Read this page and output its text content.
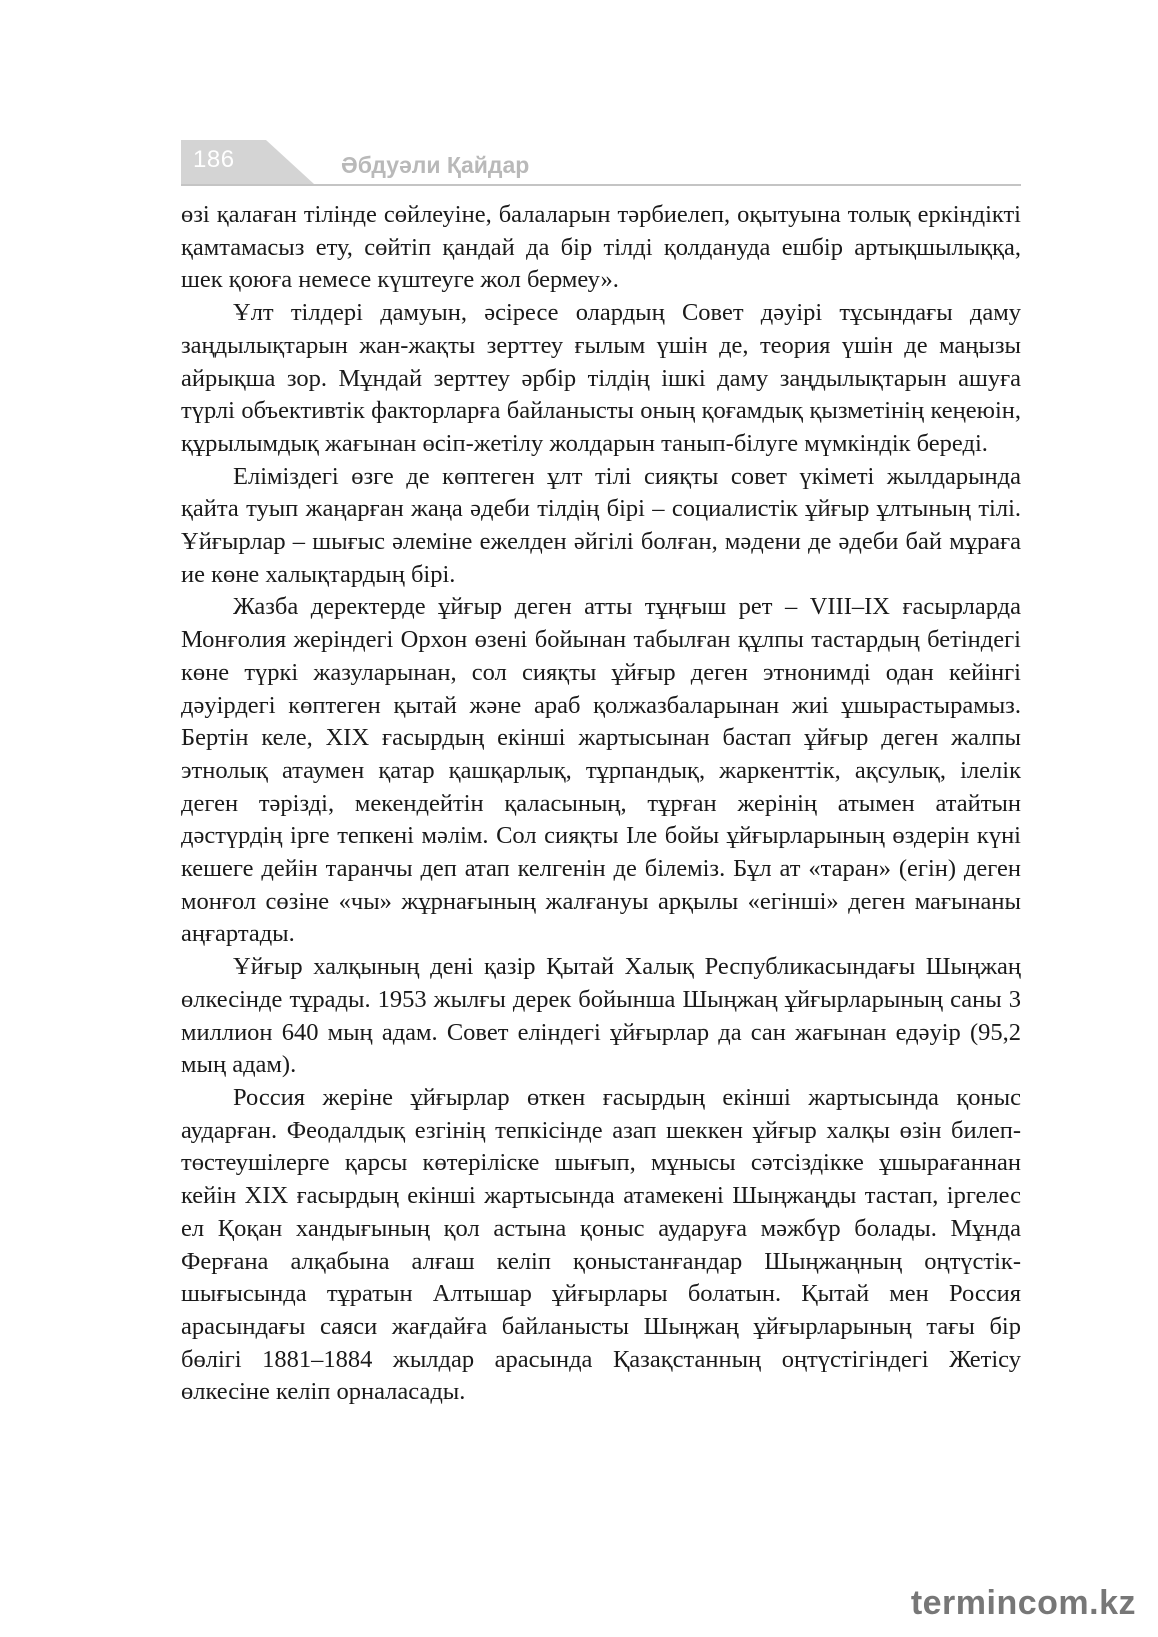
186	Әбдуәли Қайдар

өзі қалаған тілінде сөйлеуіне, балаларын тәрбиелеп, оқытуына толық еркіндікті қамтамасыз ету, сөйтіп қандай да бір тілді қолдануда ешбір артықшылыққа, шек қоюға немесе күштеуге жол бермеу».

Ұлт тілдері дамуын, әсіресе олардың Совет дәуірі тұсындағы даму заңдылықтарын жан-жақты зерттеу ғылым үшін де, теория үшін де маңызы айрықша зор. Мұндай зерттеу әрбір тілдің ішкі даму заңдылықтарын ашуға түрлі объективтік факторларға байланысты оның қоғамдық қызметінің кеңеюін, құрылымдық жағынан өсіп-жетілу жолдарын танып-білуге мүмкіндік береді.

Еліміздегі өзге де көптеген ұлт тілі сияқты совет үкіметі жылдарында қайта туып жаңарған жаңа әдеби тілдің бірі – социалистік ұйғыр ұлтының тілі. Ұйғырлар – шығыс әлеміне ежелден әйгілі болған, мәдени де әдеби бай мұраға ие көне халықтардың бірі.

Жазба деректерде ұйғыр деген атты тұңғыш рет – VIII–IX ғасырларда Монғолия жеріндегі Орхон өзені бойынан табылған құлпы тастардың бетіндегі көне түркі жазуларынан, сол сияқты ұйғыр деген этнонимді одан кейінгі дәуірдегі көптеген қытай және араб қолжазбаларынан жиі ұшырастырамыз. Бертін келе, XIX ғасырдың екінші жартысынан бастап ұйғыр деген жалпы этнолық атаумен қатар қашқарлық, тұрпандық, жаркенттік, ақсулық, ілелік деген тәрізді, мекендейтін қаласының, тұрған жерінің атымен атайтын дәстүрдің ірге тепкені мәлім. Сол сияқты Іле бойы ұйғырларының өздерін күні кешеге дейін таранчы деп атап келгенін де білеміз. Бұл ат «таран» (егін) деген монғол сөзіне «чы» жұрнағының жалғануы арқылы «егінші» деген мағынаны аңғартады.

Ұйғыр халқының дені қазір Қытай Халық Республикасындағы Шыңжаң өлкесінде тұрады. 1953 жылғы дерек бойынша Шыңжаң ұйғырларының саны 3 миллион 640 мың адам. Совет еліндегі ұйғырлар да сан жағынан едәуір (95,2 мың адам).

Россия жеріне ұйғырлар өткен ғасырдың екінші жартысында қоныс аударған. Феодалдық езгінің тепкісінде азап шеккен ұйғыр халқы өзін билеп-төстеушілерге қарсы көтеріліске шығып, мұнысы сәтсіздікке ұшырағаннан кейін XIX ғасырдың екінші жартысында атамекені Шыңжаңды тастап, іргелес ел Қоқан хандығының қол астына қоныс аударуға мәжбүр болады. Мұнда Ферғана алқабына алғаш келіп қоныстанғандар Шыңжаңның оңтүстік-шығысында тұратын Алтышар ұйғырлары болатын. Қытай мен Россия арасындағы саяси жағдайға байланысты Шыңжаң ұйғырларының тағы бір бөлігі 1881–1884 жылдар арасында Қазақстанның оңтүстігіндегі Жетісу өлкесіне келіп орналасады.

termincom.kz
